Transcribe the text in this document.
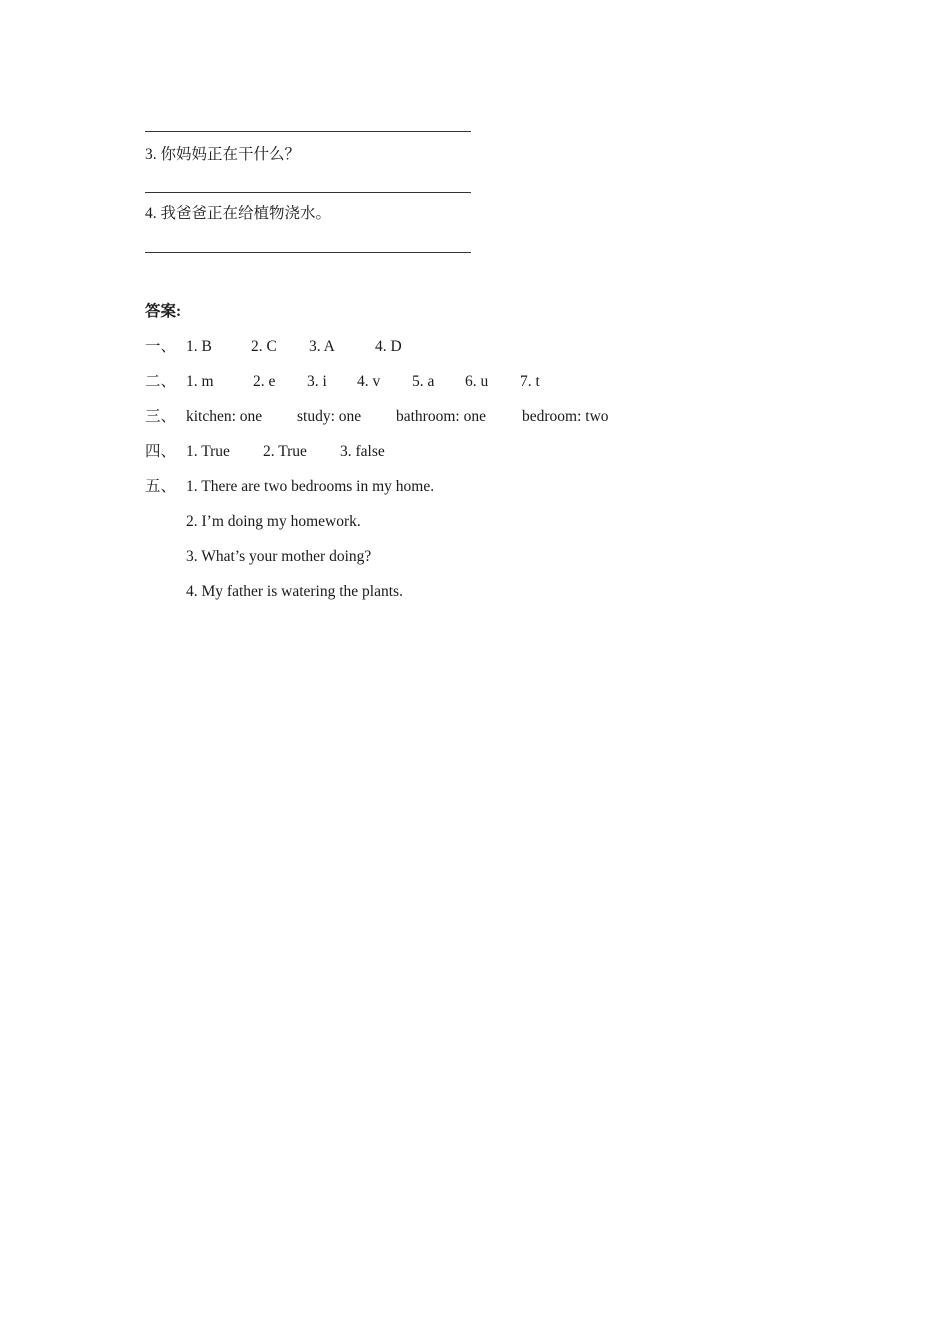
3. 你妈妈正在干什么？
4. 我爸爸正在给植物浇水。
答案:
一、 1. B	2. C 3. A	4. D
二、 1. m	2. e 3. i 4. v 5. a 6. u 7. t
三、 kitchen: one study: one bathroom: one bedroom: two
四、 1. True 2. True 3. false
五、 1. There are two bedrooms in my home.
2. I’m doing my homework.
3. What’s your mother doing?
4. My father is watering the plants.
